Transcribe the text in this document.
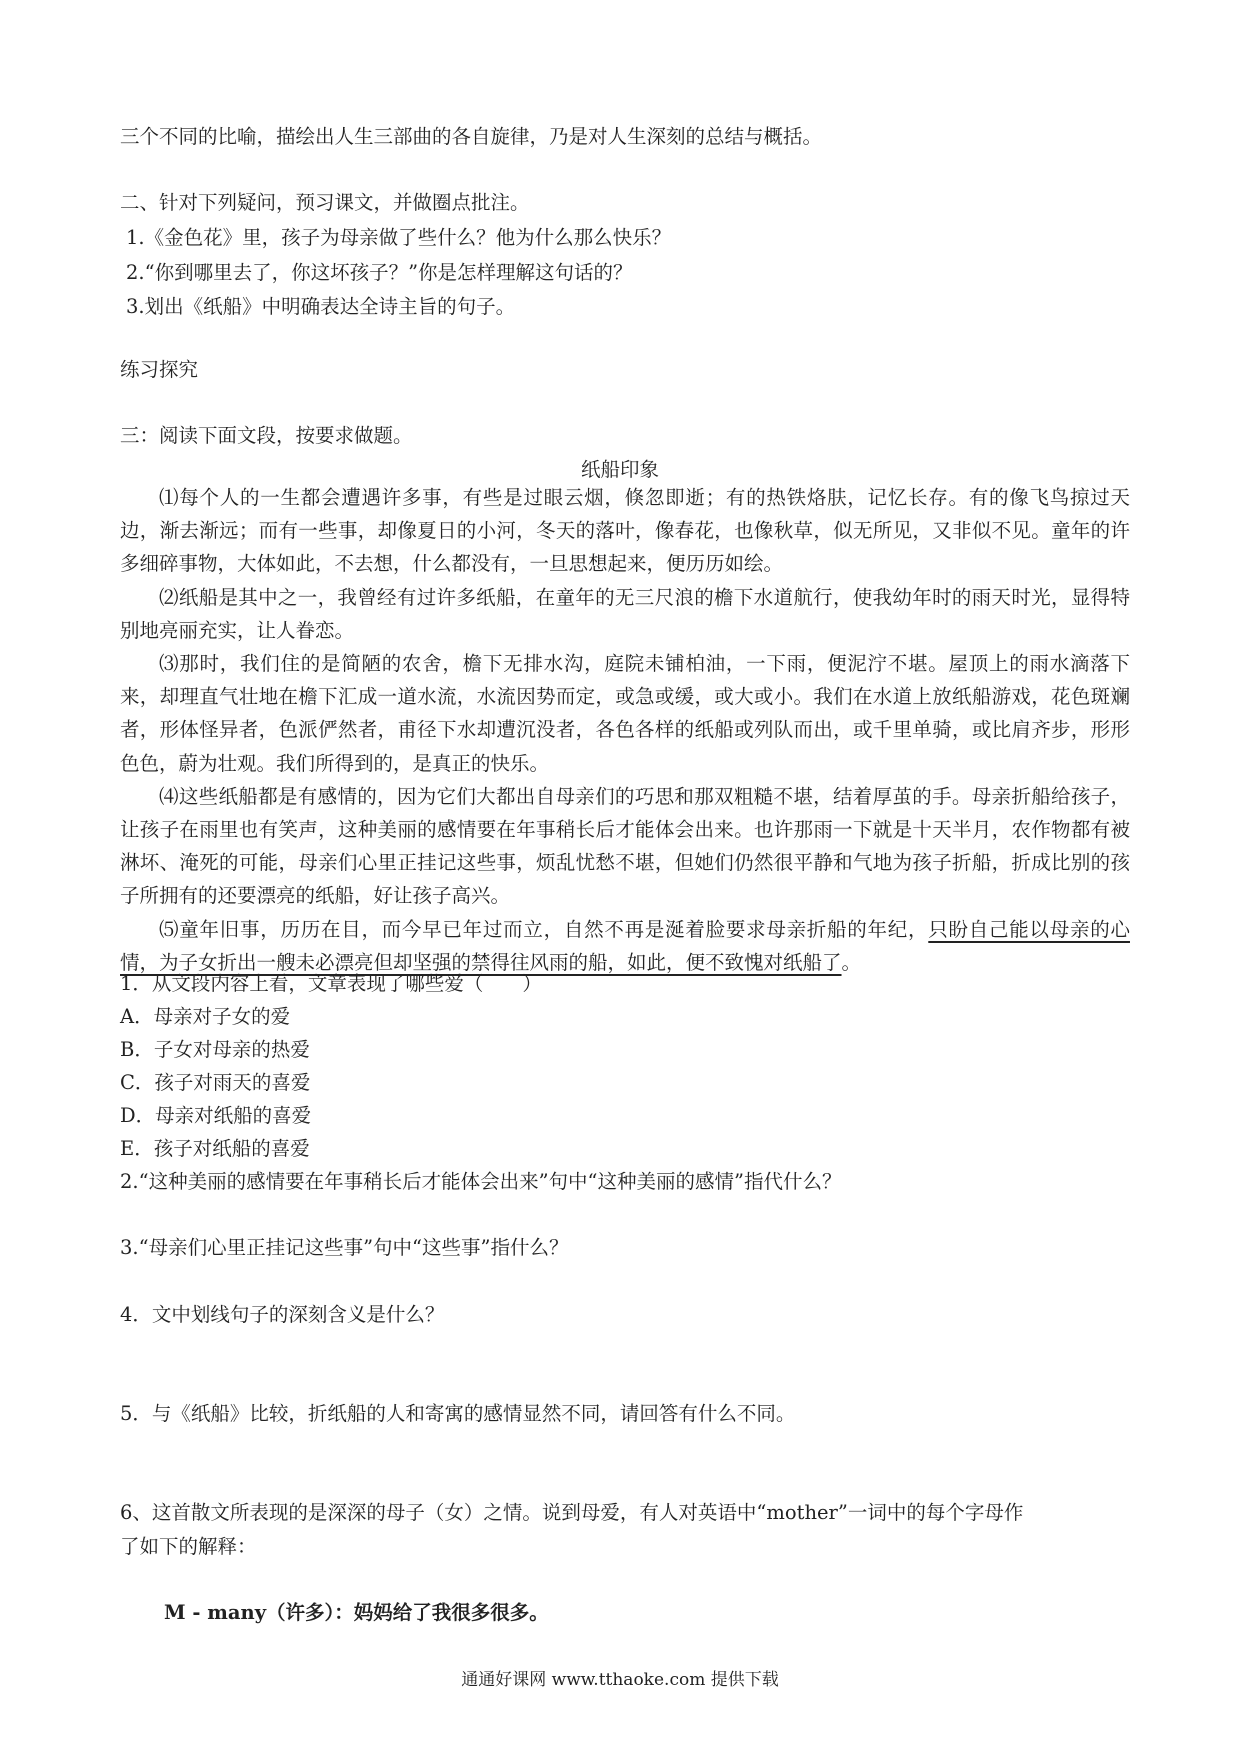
三个不同的比喻，描绘出人生三部曲的各自旋律，乃是对人生深刻的总结与概括。
二、针对下列疑问，预习课文，并做圈点批注。
1.《金色花》里，孩子为母亲做了些什么？他为什么那么快乐？
2.“你到哪里去了，你这坏孩子？”你是怎样理解这句话的？
3.划出《纸船》中明确表达全诗主旨的句子。
练习探究
三：阅读下面文段，按要求做题。
纸船印象

⑴每个人的一生都会遭遇许多事，有些是过眼云烟，倏忽即逝；有的热铁烙肤，记忆长存。有的像飞鸟掠过天边，渐去渐远；而有一些事，却像夏日的小河，冬天的落叶，像春花，也像秋草，似无所见，又非似不见。童年的许多细碎事物，大体如此，不去想，什么都没有，一旦思想起来，便历历如绘。

⑵纸船是其中之一，我曾经有过许多纸船，在童年的无三尺浪的檐下水道航行，使我幼年时的雨天时光，显得特别地亮丽充实，让人眷恋。

⑶那时，我们住的是简陋的农舍，檐下无排水沟，庭院未铺柏油，一下雨，便泥泞不堪。屋顶上的雨水滴落下来，却理直气壮地在檐下汇成一道水流，水流因势而定，或急或缓，或大或小。我们在水道上放纸船游戏，花色斑斓者，形体怪异者，色派俨然者，甫径下水却遭沉没者，各色各样的纸船或列队而出，或千里单骑，或比肩齐步，形形色色，蔚为壮观。我们所得到的，是真正的快乐。

⑷这些纸船都是有感情的，因为它们大都出自母亲们的巧思和那双粗糙不堪，结着厚茧的手。母亲折船给孩子，让孩子在雨里也有笑声，这种美丽的感情要在年事稍长后才能体会出来。也许那雨一下就是十天半月，农作物都有被淋坏、淹死的可能，母亲们心里正挂记这些事，烦乱忧愁不堪，但她们仍然很平静和气地为孩子折船，折成比别的孩子所拥有的还要漂亮的纸船，好让孩子高兴。

⑸童年旧事，历历在目，而今早已年过而立，自然不再是涎着脸要求母亲折船的年纪，只盼自己能以母亲的心情，为子女折出一艘未必漂亮但却坚强的禁得往风雨的船，如此，便不致愧对纸船了。

1．从文段内容上看，文章表现了哪些爱（　　）
A．母亲对子女的爱
B．子女对母亲的热爱
C．孩子对雨天的喜爱
D．母亲对纸船的喜爱
E．孩子对纸船的喜爱
2.“这种美丽的感情要在年事稍长后才能体会出来”句中“这种美丽的感情”指代什么？
3.“母亲们心里正挂记这些事”句中“这些事”指什么？
4．文中划线句子的深刻含义是什么？
5．与《纸船》比较，折纸船的人和寄寓的感情显然不同，请回答有什么不同。
6、这首散文所表现的是深深的母子（女）之情。说到母爱，有人对英语中“mother”一词中的每个字母作
了如下的解释：
M - many（许多）：妈妈给了我很多很多。
通通好课网 www.tthaoke.com 提供下载
